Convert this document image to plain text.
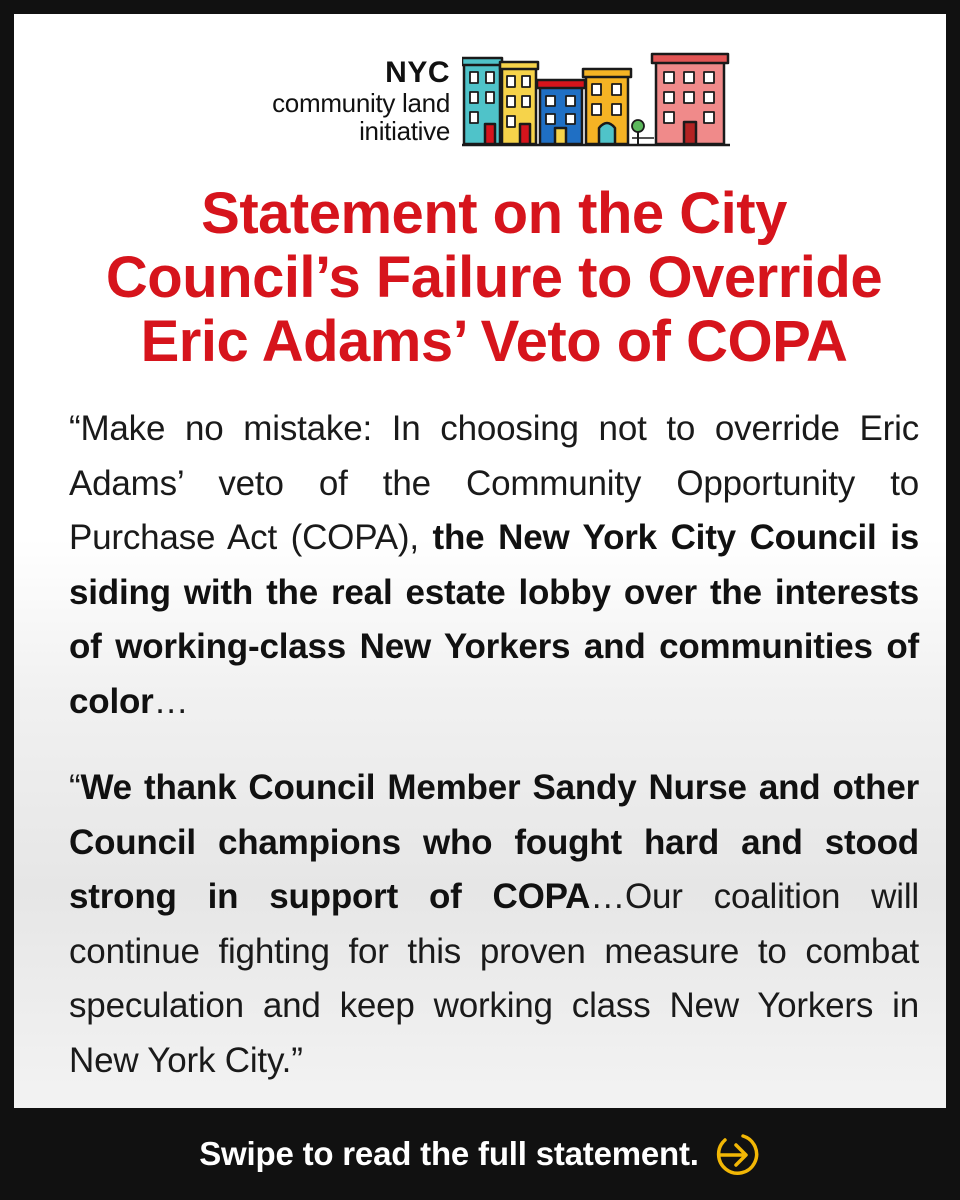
NYC
community land
initiative
Statement on the City
Council’s Failure to Override
Eric Adams’ Veto of COPA

“Make no mistake: In choosing not to override Eric Adams’ veto of the Community Opportunity to Purchase Act (COPA), the New York City Council is siding with the real estate lobby over the interests of working-class New Yorkers and communities of color…

“We thank Council Member Sandy Nurse and other Council champions who fought hard and stood strong in support of COPA…Our coalition will continue fighting for this proven measure to combat speculation and keep working class New Yorkers in New York City.”

Swipe to read the full statement.
